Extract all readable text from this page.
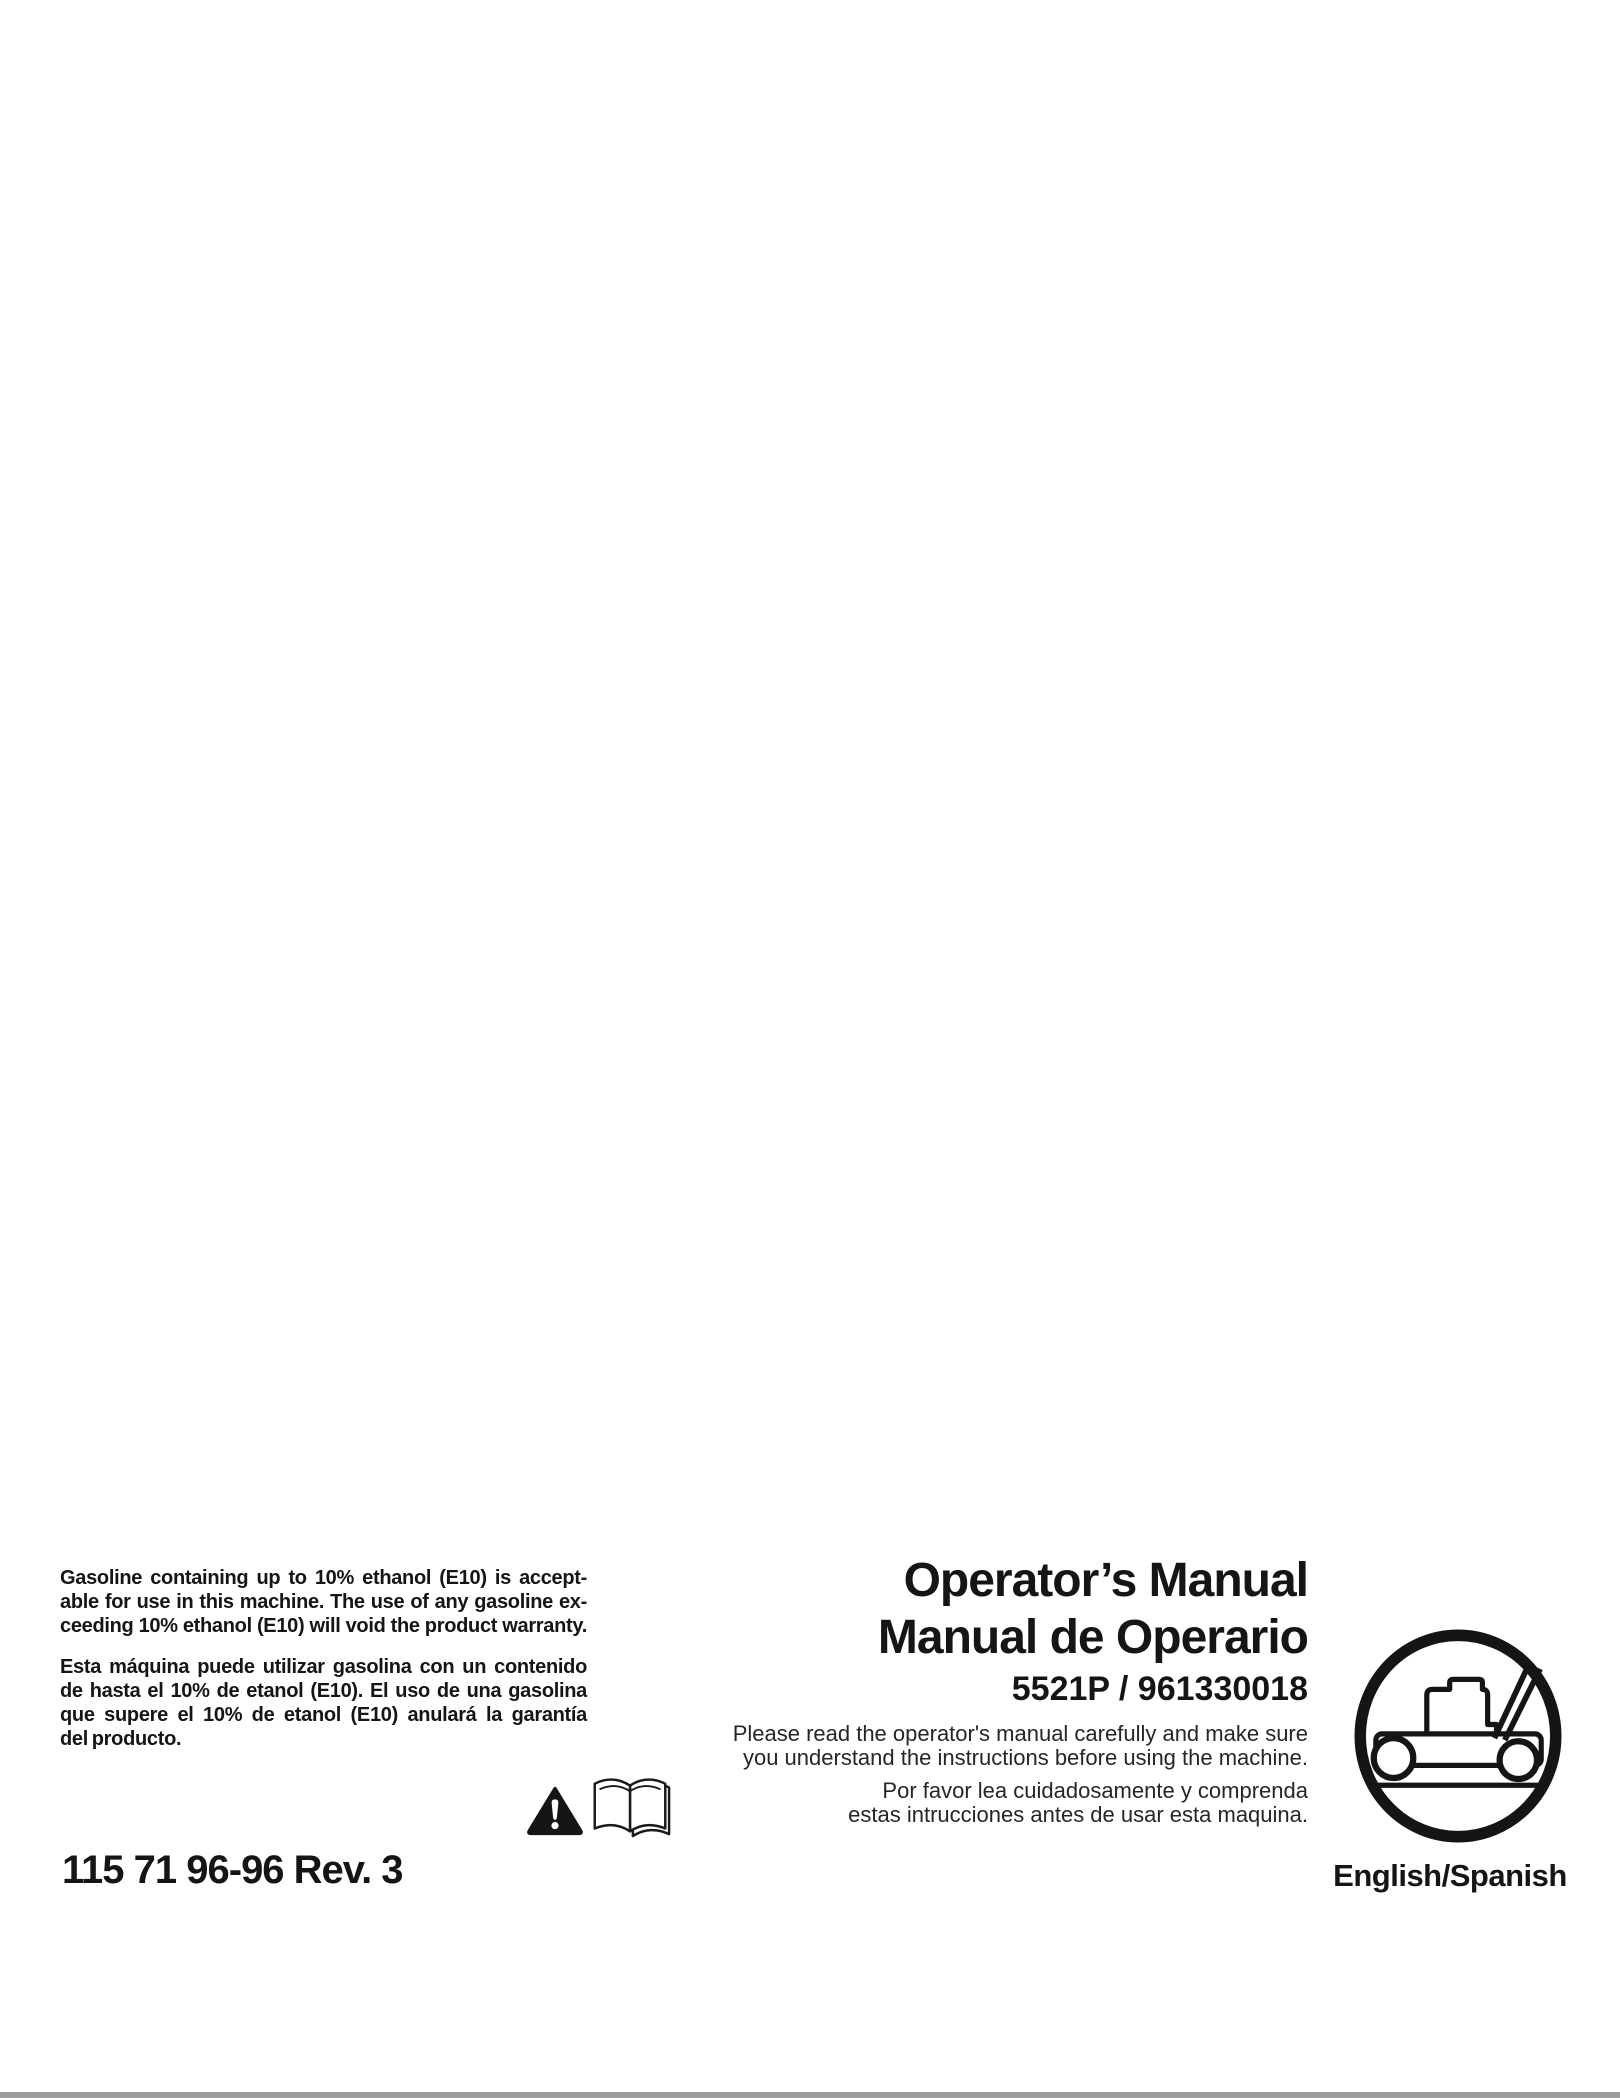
Gasoline containing up to 10% ethanol (E10) is accept-
able for use in this machine. The use of any gasoline ex-
ceeding 10% ethanol (E10) will void the product warranty.

Esta máquina puede utilizar gasolina con un contenido
de hasta el 10% de etanol (E10). El uso de una gasolina
que supere el 10% de etanol (E10) anulará la garantía
del producto.

115 71 96-96 Rev. 3
Operator’s Manual
Manual de Operario
5521P / 961330018

Please read the operator's manual carefully and make sure
you understand the instructions before using the machine.

Por favor lea cuidadosamente y comprenda
estas intrucciones antes de usar esta maquina.

English/Spanish
